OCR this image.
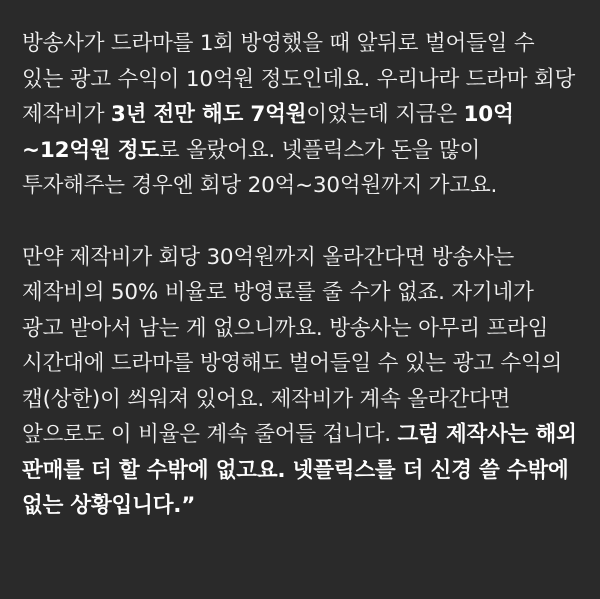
방송사가 드라마를 1회 방영했을 때 앞뒤로 벌어들일 수 있는 광고 수익이 10억원 정도인데요. 우리나라 드라마 회당 제작비가 3년 전만 해도 7억원이었는데 지금은 10억~12억원 정도로 올랐어요. 넷플릭스가 돈을 많이 투자해주는 경우엔 회당 20억~30억원까지 가고요.

만약 제작비가 회당 30억원까지 올라간다면 방송사는 제작비의 50% 비율로 방영료를 줄 수가 없죠. 자기네가 광고 받아서 남는 게 없으니까요. 방송사는 아무리 프라임 시간대에 드라마를 방영해도 벌어들일 수 있는 광고 수익의 캡(상한)이 씌워져 있어요. 제작비가 계속 올라간다면 앞으로도 이 비율은 계속 줄어들 겁니다. 그럼 제작사는 해외 판매를 더 할 수밖에 없고요. 넷플릭스를 더 신경 쓸 수밖에 없는 상황입니다.”
